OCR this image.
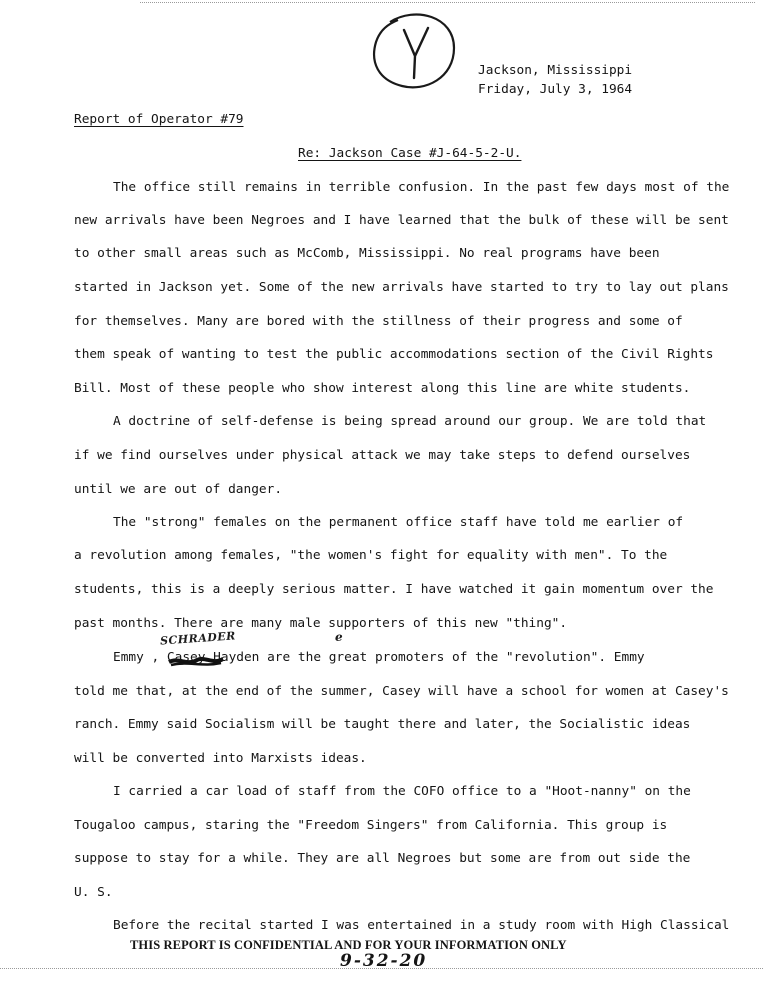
Jackson, Mississippi
Friday, July 3, 1964
Report of Operator #79
Re: Jackson Case #J-64-5-2-U.
The office still remains in terrible confusion. In the past few days most of the
new arrivals have been Negroes and I have learned that the bulk of these will be sent
to other small areas such as McComb, Mississippi. No real programs have been
started in Jackson yet. Some of the new arrivals have started to try to lay out plans
for themselves. Many are bored with the stillness of their progress and some of
them speak of wanting to test the public accommodations section of the Civil Rights
Bill. Most of these people who show interest along this line are white students.
A doctrine of self-defense is being spread around our group. We are told that
if we find ourselves under physical attack we may take steps to defend ourselves
until we are out of danger.
The "strong" females on the permanent office staff have told me earlier of
a revolution among females, "the women's fight for equality with men". To the
students, this is a deeply serious matter. I have watched it gain momentum over the
past months. There are many male supporters of this new "thing".
SCHRADER	e
Emmy , Casey Hayden are the great promoters of the "revolution". Emmy
told me that, at the end of the summer, Casey will have a school for women at Casey's
ranch. Emmy said Socialism will be taught there and later, the Socialistic ideas
will be converted into Marxists ideas.
I carried a car load of staff from the COFO office to a "Hoot-nanny" on the
Tougaloo campus, staring the "Freedom Singers" from California. This group is
suppose to stay for a while. They are all Negroes but some are from out side the
U. S.
Before the recital started I was entertained in a study room with High Classical
THIS REPORT IS CONFIDENTIAL AND FOR YOUR INFORMATION ONLY
9-32-20
